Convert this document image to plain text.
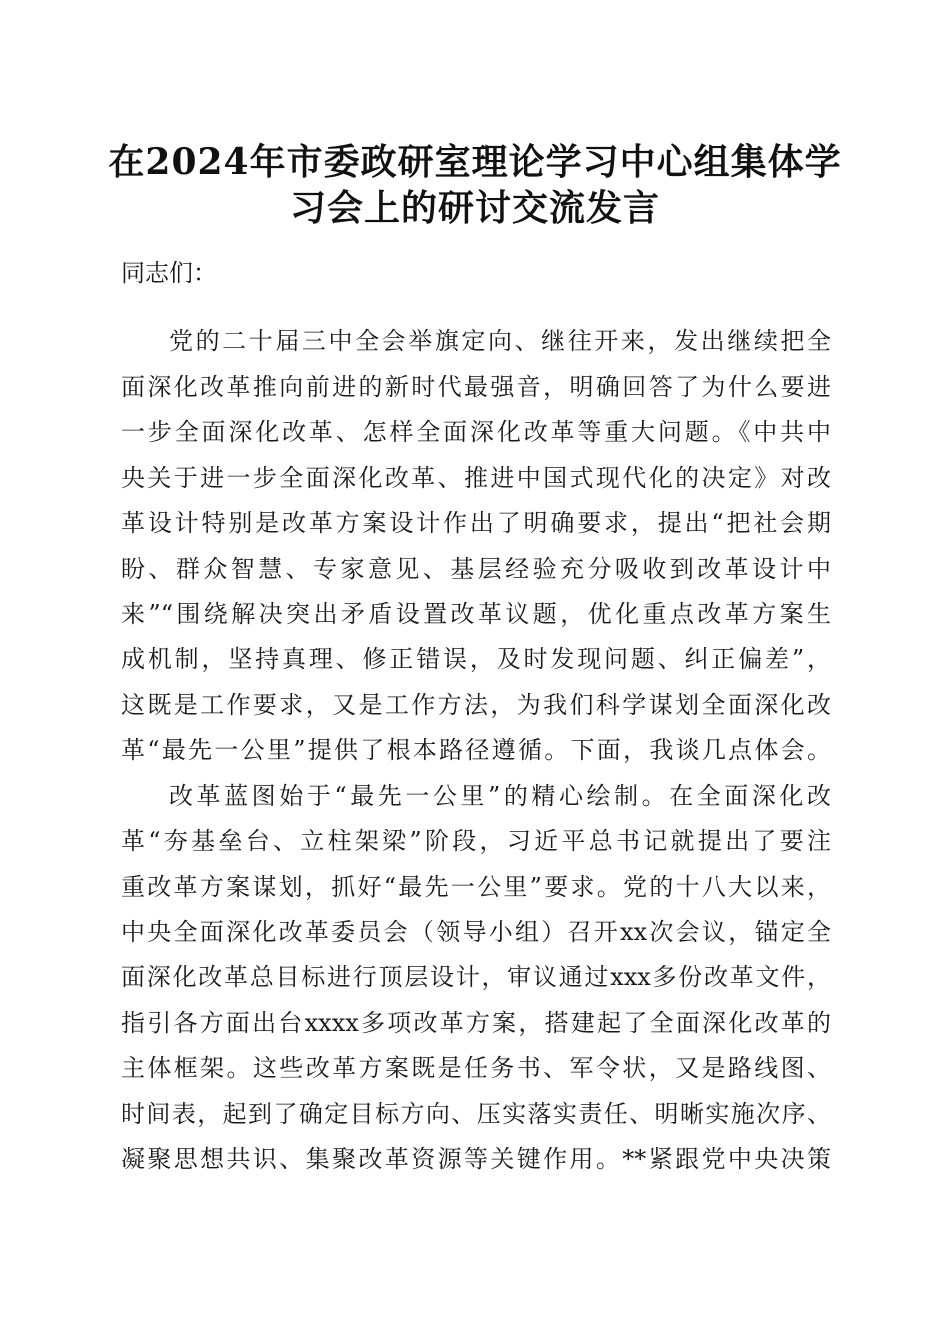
在2024年市委政研室理论学习中心组集体学
习会上的研讨交流发言
同志们：
党的二十届三中全会举旗定向、继往开来，发出继续把全
面深化改革推向前进的新时代最强音，明确回答了为什么要进
一步全面深化改革、怎样全面深化改革等重大问题。《中共中
央关于进一步全面深化改革、推进中国式现代化的决定》对改
革设计特别是改革方案设计作出了明确要求，提出“把社会期
盼、群众智慧、专家意见、基层经验充分吸收到改革设计中
来”“围绕解决突出矛盾设置改革议题，优化重点改革方案生
成机制，坚持真理、修正错误，及时发现问题、纠正偏差”，
这既是工作要求，又是工作方法，为我们科学谋划全面深化改
革“最先一公里”提供了根本路径遵循。下面，我谈几点体会。
改革蓝图始于“最先一公里”的精心绘制。在全面深化改
革“夯基垒台、立柱架梁”阶段，习近平总书记就提出了要注
重改革方案谋划，抓好“最先一公里”要求。党的十八大以来，
中央全面深化改革委员会（领导小组）召开xx次会议，锚定全
面深化改革总目标进行顶层设计，审议通过xxx多份改革文件，
指引各方面出台xxxx多项改革方案，搭建起了全面深化改革的
主体框架。这些改革方案既是任务书、军令状，又是路线图、
时间表，起到了确定目标方向、压实落实责任、明晰实施次序、
凝聚思想共识、集聚改革资源等关键作用。**紧跟党中央决策
